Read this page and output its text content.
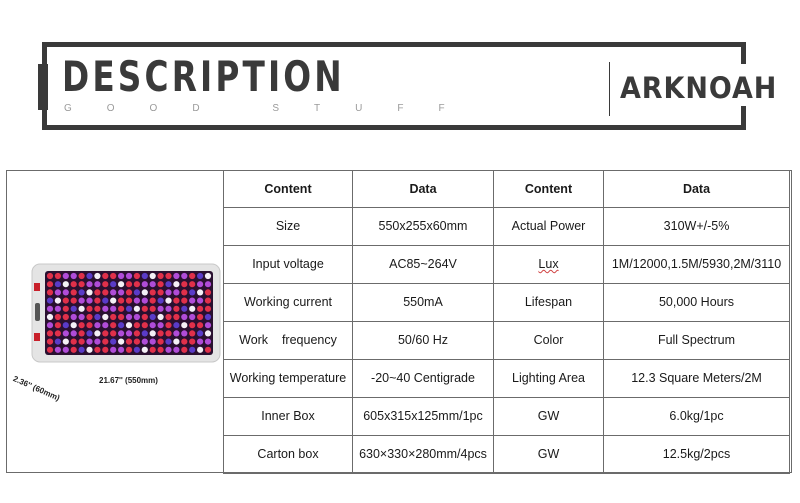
DESCRIPTION
GOOD STUFF
ARKNOAH
21.67'' (550mm)
2.36'' (60mm)
Content	Data	Content	Data
Size	550x255x60mm	Actual Power	310W+/-5%
Input voltage	AC85~264V	Lux	1M/12000,1.5M/5930,2M/3110
Working current	550mA	Lifespan	50,000 Hours
Work    frequency	50/60 Hz	Color	Full Spectrum
Working temperature	-20~40 Centigrade	Lighting Area	12.3 Square Meters/2M
Inner Box	605x315x125mm/1pc	GW	6.0kg/1pc
Carton box	630×330×280mm/4pcs	GW	12.5kg/2pcs
